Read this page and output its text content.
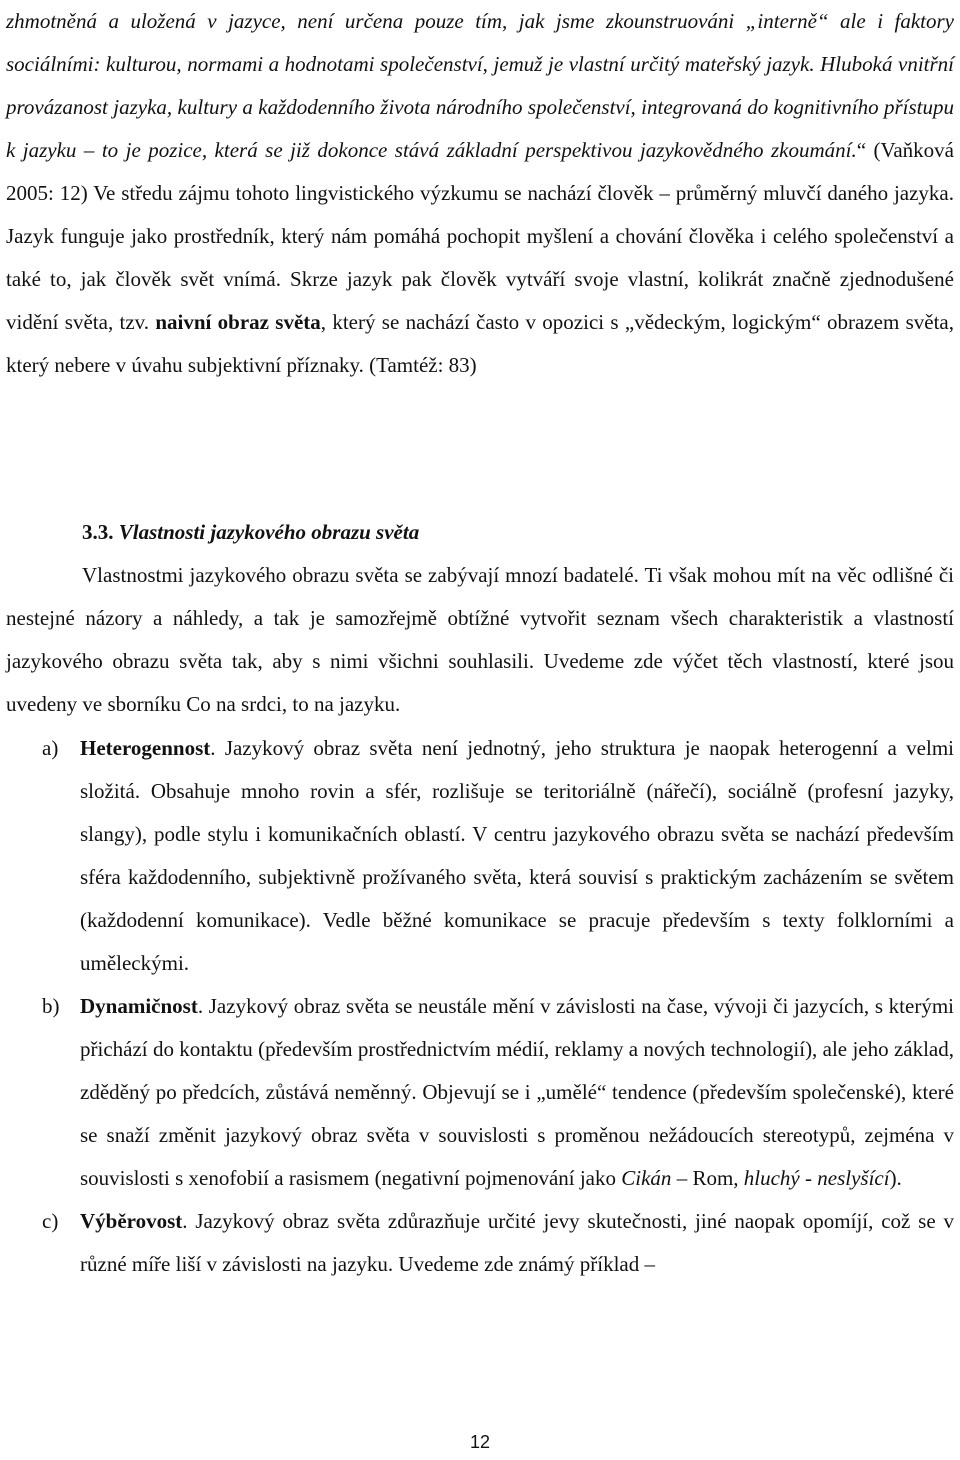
zhmotněná a uložená v jazyce, není určena pouze tím, jak jsme zkounstruováni „interně“ ale i faktory sociálními: kulturou, normami a hodnotami společenství, jemuž je vlastní určitý mateřský jazyk. Hluboká vnitřní provázanost jazyka, kultury a každodenního života národního společenství, integrovaná do kognitivního přístupu k jazyku – to je pozice, která se již dokonce stává základní perspektivou jazykovědného zkoumání.“ (Vaňková 2005: 12) Ve středu zájmu tohoto lingvistického výzkumu se nachází člověk – průměrný mluvčí daného jazyka. Jazyk funguje jako prostředník, který nám pomáhá pochopit myšlení a chování člověka i celého společenství a také to, jak člověk svět vnímá. Skrze jazyk pak člověk vytváří svoje vlastní, kolikrát značně zjednodušené vidění světa, tzv. naivní obraz světa, který se nachází často v opozici s „vědeckým, logickým“ obrazem světa, který nebere v úvahu subjektivní příznaky. (Tamtéž: 83)
3.3. Vlastnosti jazykového obrazu světa
Vlastnostmi jazykového obrazu světa se zabývají mnozí badatelé. Ti však mohou mít na věc odlišné či nestejné názory a náhledy, a tak je samozřejmě obtížné vytvořit seznam všech charakteristik a vlastností jazykového obrazu světa tak, aby s nimi všichni souhlasili. Uvedeme zde výčet těch vlastností, které jsou uvedeny ve sborníku Co na srdci, to na jazyku.
a) Heterogennost. Jazykový obraz světa není jednotný, jeho struktura je naopak heterogenní a velmi složitá. Obsahuje mnoho rovin a sfér, rozlišuje se teritoriálně (nářečí), sociálně (profesní jazyky, slangy), podle stylu i komunikačních oblastí. V centru jazykového obrazu světa se nachází především sféra každodenního, subjektivně prožívaného světa, která souvisí s praktickým zacházením se světem (každodenní komunikace). Vedle běžné komunikace se pracuje především s texty folklorními a uměleckými.
b) Dynamičnost. Jazykový obraz světa se neustále mění v závislosti na čase, vývoji či jazycích, s kterými přichází do kontaktu (především prostřednictvím médií, reklamy a nových technologií), ale jeho základ, zděděný po předcích, zůstává neměnný. Objevují se i „umělé“ tendence (především společenské), které se snaží změnit jazykový obraz světa v souvislosti s proměnou nežádoucích stereotypů, zejména v souvislosti s xenofobií a rasismem (negativní pojmenování jako Cikán – Rom, hluchý - neslyšící).
c) Výběrovost. Jazykový obraz světa zdůrazňuje určité jevy skutečnosti, jiné naopak opomíjí, což se v různé míře liší v závislosti na jazyku. Uvedeme zde známý příklad –
12
